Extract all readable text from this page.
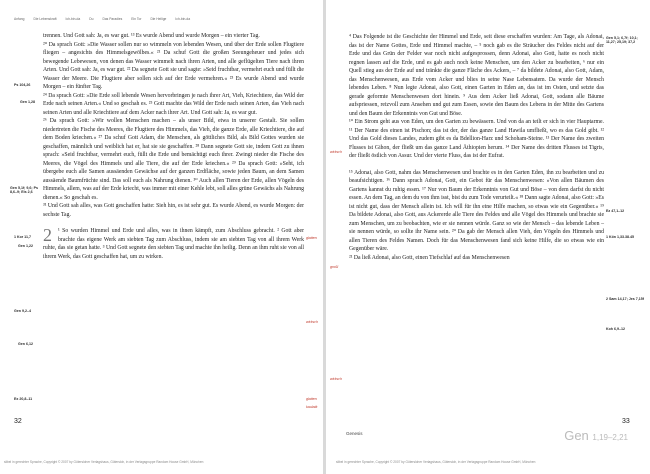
Anfang	Die Lebenskraft	Ich-bin-da	Du	Das Paradies	Ein Tor	Die Heilige	Ich-bin-da

trennen. Und Gott sah: Ja, es war gut. ¹³ Es wurde Abend und wurde Morgen – ein vierter Tag.

²⁰ Da sprach Gott: »Die Wasser sollen nur so wimmeln von lebenden Wesen, und über der Erde sollen Flugtiere fliegen – angesichts des Himmelsgewölbes.« ²¹ Da schuf Gott die großen Seeungeheuer und jedes sich bewegende Lebewesen, von denen das Wasser wimmelt nach ihren Arten, und alle geflügelten Tiere nach ihren Arten. Und Gott sah: Ja, es war gut. ²² Da segnete Gott sie und sagte: »Seid fruchtbar, vermehrt euch und füllt die Wasser der Meere. Die Flugtiere aber sollen sich auf der Erde vermehren.« ²³ Es wurde Abend und wurde Morgen – ein fünfter Tag.

²⁴ Da sprach Gott: »Die Erde soll lebende Wesen hervorbringen je nach ihrer Art, Vieh, Kriechtiere, das Wild der Erde nach seinen Arten.« Und so geschah es. ²⁵ Gott machte das Wild der Erde nach seinen Arten, das Vieh nach seinen Arten und alle Kriechtiere auf dem Acker nach ihrer Art. Und Gott sah: Ja, es war gut.

²⁶ Da sprach Gott: »Wir wollen Menschen machen – als unser Bild, etwa in unserer Gestalt. Sie sollen niedertreten die Fische des Meeres, die Flugtiere des Himmels, das Vieh, die ganze Erde, alle Kriechtiere, die auf dem Boden kriechen.« ²⁷ Da schuf Gott Adam, die Menschen, als göttliches Bild, als Bild Gottes wurden sie geschaffen, männlich und weiblich hat er, hat sie sie geschaffen. ²⁸ Dann segnete Gott sie, indem Gott zu ihnen sprach: »Seid fruchtbar, vermehrt euch, füllt die Erde und bemächtigt euch ihrer. Zwingt nieder die Fische des Meeres, die Vögel des Himmels und alle Tiere, die auf der Erde kriechen.« ²⁹ Da sprach Gott: »Seht, ich übergebe euch alle Samen aussäenden Gewächse auf der ganzen Erdfläche, sowie jeden Baum, an dem Samen aussäende Baumfrüchte sind. Das soll euch als Nahrung dienen. ³⁰ Auch allen Tieren der Erde, allen Vögeln des Himmels, allem, was auf der Erde kriecht, was immer mit einer Kehle lebt, soll alles grüne Gewächs als Nahrung dienen.« So geschah es.

³¹ Und Gott sah alles, was Gott geschaffen hatte: Sieh hin, es ist sehr gut. Es wurde Abend, es wurde Morgen: der sechste Tag.

2 ¹ So wurden Himmel und Erde und alles, was in ihnen kämpft, zum Abschluss gebracht. ² Gott aber brachte das eigene Werk am siebten Tag zum Abschluss, indem sie am siebten Tag von all ihrem Werk ruhte, das sie getan hatte. ³ Und Gott segnete den siebten Tag und machte ihn heilig. Denn an ihm ruht sie von all ihrem Werk, das Gott geschaffen hat, um zu wirken.

Ps 104,26
Gen 1,28
Gen 5,1f; 9,6; Ps 8,6–9; Eis 2,6
1 Kor 11,7
Gen 1,22
Gen 9,2–4
Gen 6,12
Ex 20,8–11
glatten
wirksch
glatten
kaulatk
32
slibel in gerechter Sprache, Copyright © 2007 by Gütersloher Verlagshaus, Gütersloh, in der Verlagsgruppe Random House GmbH, München

⁴ Das Folgende ist die Geschichte der Himmel und Erde, seit diese erschaffen wurden: Am Tage, als Adonai, das ist der Name Gottes, Erde und Himmel machte, – ⁵ noch gab es die Sträucher des Feldes nicht auf der Erde und das Grün der Felder war noch nicht aufgesprossen, denn Adonai, also Gott, hatte es noch nicht regnen lassen auf die Erde, und es gab auch noch keine Menschen, um den Acker zu bearbeiten, ⁶ nur ein Quell stieg aus der Erde auf und tränkte die ganze Fläche des Ackers, – ⁷ da bildete Adonai, also Gott, Adam, das Menschenwesen, aus Erde vom Acker und blies in seine Nase Lebensatem. Da wurde der Mensch lebendes Leben. ⁸ Nun legte Adonai, also Gott, einen Garten in Eden an, das ist im Osten, und setzte das gerade geformte Menschenwesen dort hinein. ⁹ Aus dem Acker ließ Adonai, Gott, sodann alle Bäume aufspriessen, reizvoll zum Ansehen und gut zum Essen, sowie den Baum des Lebens in der Mitte des Gartens und den Baum der Erkenntnis von Gut und Böse.

¹⁰ Ein Strom geht aus von Eden, um den Garten zu bewässern. Und von da an teilt er sich in vier Hauptarme. ¹¹ Der Name des einen ist Pischon; das ist der, der das ganze Land Hawila umfließt, wo es das Gold gibt. ¹² Und das Gold dieses Landes, zudem gibt es da Bdellion-Harz und Schoham-Steine. ¹³ Der Name des zweiten Flusses ist Gihon, der fließt um das ganze Land Äthiopien herum. ¹⁴ Der Name des dritten Flusses ist Tigris, der fließt östlich von Assur. Und der vierte Fluss, das ist der Eufrat.

¹⁵ Adonai, also Gott, nahm das Menschenwesen und brachte es in den Garten Eden, ihn zu bearbeiten und zu beaufsichtigen. ¹⁶ Dann sprach Adonai, Gott, ein Gebot für das Menschenwesen: »Von allen Bäumen des Gartens kannst du ruhig essen. ¹⁷ Nur von Baum der Erkenntnis von Gut und Böse – von dem darfst du nicht essen. An dem Tag, an dem du von ihm isst, bist du zum Tode verurteilt.« ¹⁸ Dann sagte Adonai, also Gott: »Es ist nicht gut, dass der Mensch allein ist. Ich will für ihn eine Hilfe machen, so etwas wie ein Gegenüber.« ¹⁹ Da bildete Adonai, also Gott, aus Ackererde alle Tiere des Feldes und alle Vögel des Himmels und brachte sie zum Menschen, um zu beobachten, wie er sie nennen würde. Ganz so wie der Mensch – das lebende Leben – sie nennen würde, so sollte ihr Name sein. ²⁰ Da gab der Mensch allen Vieh, den Vögeln des Himmels und allen Tieren des Feldes Namen. Doch für das Menschenwesen fand sich keine Hilfe, die so etwas wie ein Gegenüber wäre.

²¹ Da ließ Adonai, also Gott, einen Tiefschlaf auf das Menschenwesen

Gen 5,1; 6,7f; 10,1; 11,27; 25,19; 37,2
Ez 47,1–12
1 Kön 1,33.38.45
2 Sam 14,17; Jes 7,15f
Koh 6,9–12
wirksch
großl
wirksch
33
Genesis	Gen 1,19–2,21
slibel in gerechter Sprache, Copyright © 2007 by Gütersloher Verlagshaus, Gütersloh, in der Verlagsgruppe Random House GmbH, München
